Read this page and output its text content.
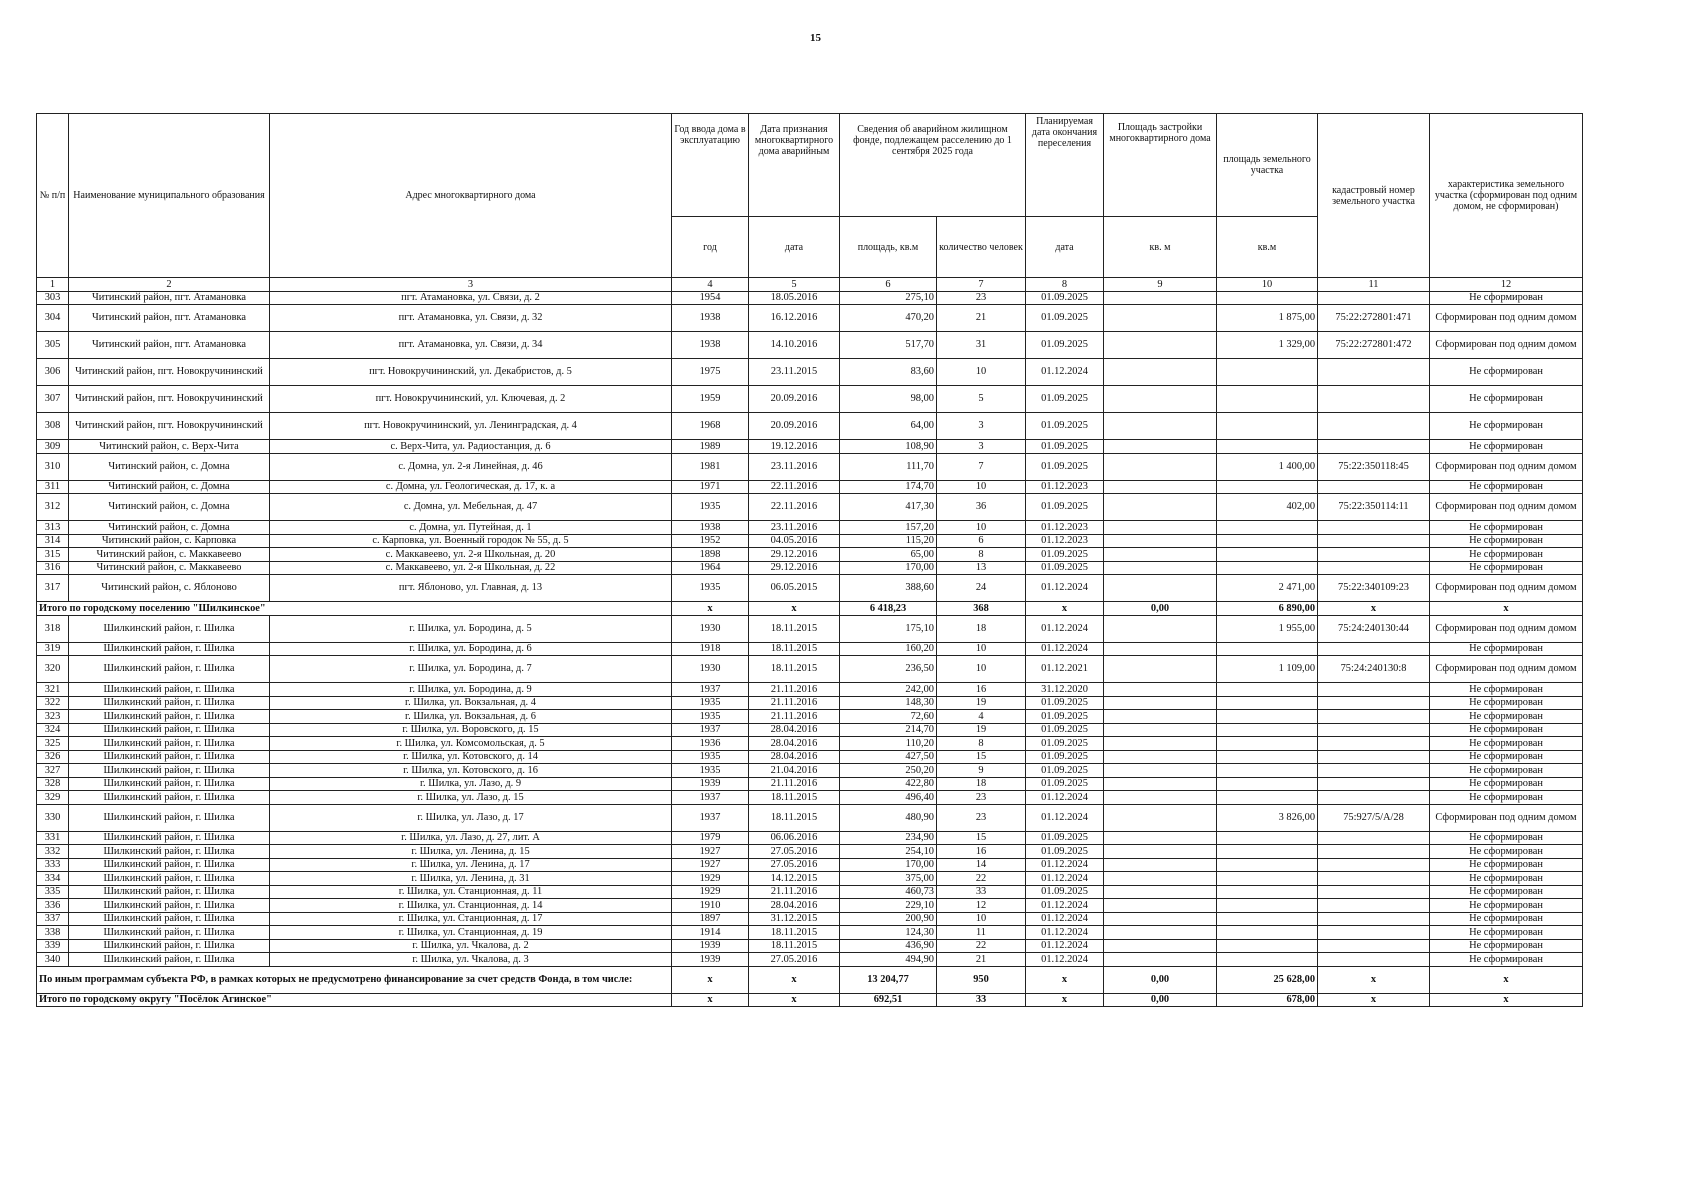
15
№ п/п	Наименование муниципального образования	Адрес многоквартирного дома	Год ввода дома в эксплуатацию	Дата признания многоквартирного дома аварийным	Сведения об аварийном жилищном фонде, подлежащем расселению до 1 сентября 2025 года		Планируемая дата окончания переселения	Площадь застройки многоквартирного дома	площадь земельного участка	кадастровый номер земельного участка	характеристика земельного участка (сформирован под одним домом, не сформирован)
			год	дата	площадь, кв.м	количество человек	дата	кв. м	кв.м		
1	2	3	4	5	6	7	8	9	10	11	12
303	Читинский район, пгт. Атамановка	пгт. Атамановка, ул. Связи, д. 2	1954	18.05.2016	275,10	23	01.09.2025				Не сформирован
304	Читинский район, пгт. Атамановка	пгт. Атамановка, ул. Связи, д. 32	1938	16.12.2016	470,20	21	01.09.2025		1 875,00	75:22:272801:471	Сформирован под одним домом
305	Читинский район, пгт. Атамановка	пгт. Атамановка, ул. Связи, д. 34	1938	14.10.2016	517,70	31	01.09.2025		1 329,00	75:22:272801:472	Сформирован под одним домом
306	Читинский район, пгт. Новокручининский	пгт. Новокручининский, ул. Декабристов, д. 5	1975	23.11.2015	83,60	10	01.12.2024				Не сформирован
307	Читинский район, пгт. Новокручининский	пгт. Новокручининский, ул. Ключевая, д. 2	1959	20.09.2016	98,00	5	01.09.2025				Не сформирован
308	Читинский район, пгт. Новокручининский	пгт. Новокручининский, ул. Ленинградская, д. 4	1968	20.09.2016	64,00	3	01.09.2025				Не сформирован
309	Читинский район, с. Верх-Чита	с. Верх-Чита, ул. Радиостанция, д. 6	1989	19.12.2016	108,90	3	01.09.2025				Не сформирован
310	Читинский район, с. Домна	с. Домна, ул. 2-я Линейная, д. 46	1981	23.11.2016	111,70	7	01.09.2025		1 400,00	75:22:350118:45	Сформирован под одним домом
311	Читинский район, с. Домна	с. Домна, ул. Геологическая, д. 17, к. а	1971	22.11.2016	174,70	10	01.12.2023				Не сформирован
312	Читинский район, с. Домна	с. Домна, ул. Мебельная, д. 47	1935	22.11.2016	417,30	36	01.09.2025		402,00	75:22:350114:11	Сформирован под одним домом
313	Читинский район, с. Домна	с. Домна, ул. Путейная, д. 1	1938	23.11.2016	157,20	10	01.12.2023				Не сформирован
314	Читинский район, с. Карповка	с. Карповка, ул. Военный городок № 55, д. 5	1952	04.05.2016	115,20	6	01.12.2023				Не сформирован
315	Читинский район, с. Маккавеево	с. Маккавеево, ул. 2-я Школьная, д. 20	1898	29.12.2016	65,00	8	01.09.2025				Не сформирован
316	Читинский район, с. Маккавеево	с. Маккавеево, ул. 2-я Школьная, д. 22	1964	29.12.2016	170,00	13	01.09.2025				Не сформирован
317	Читинский район, с. Яблоново	пгт. Яблоново, ул. Главная, д. 13	1935	06.05.2015	388,60	24	01.12.2024		2 471,00	75:22:340109:23	Сформирован под одним домом
Итого по городскому поселению "Шилкинское"			х	х	6 418,23	368	х	0,00	6 890,00	х	х
318	Шилкинский район, г. Шилка	г. Шилка, ул. Бородина, д. 5	1930	18.11.2015	175,10	18	01.12.2024		1 955,00	75:24:240130:44	Сформирован под одним домом
319	Шилкинский район, г. Шилка	г. Шилка, ул. Бородина, д. 6	1918	18.11.2015	160,20	10	01.12.2024				Не сформирован
320	Шилкинский район, г. Шилка	г. Шилка, ул. Бородина, д. 7	1930	18.11.2015	236,50	10	01.12.2021		1 109,00	75:24:240130:8	Сформирован под одним домом
321	Шилкинский район, г. Шилка	г. Шилка, ул. Бородина, д. 9	1937	21.11.2016	242,00	16	31.12.2020				Не сформирован
322	Шилкинский район, г. Шилка	г. Шилка, ул. Вокзальная, д. 4	1935	21.11.2016	148,30	19	01.09.2025				Не сформирован
323	Шилкинский район, г. Шилка	г. Шилка, ул. Вокзальная, д. 6	1935	21.11.2016	72,60	4	01.09.2025				Не сформирован
324	Шилкинский район, г. Шилка	г. Шилка, ул. Воровского, д. 15	1937	28.04.2016	214,70	19	01.09.2025				Не сформирован
325	Шилкинский район, г. Шилка	г. Шилка, ул. Комсомольская, д. 5	1936	28.04.2016	110,20	8	01.09.2025				Не сформирован
326	Шилкинский район, г. Шилка	г. Шилка, ул. Котовского, д. 14	1935	28.04.2016	427,50	15	01.09.2025				Не сформирован
327	Шилкинский район, г. Шилка	г. Шилка, ул. Котовского, д. 16	1935	21.04.2016	250,20	9	01.09.2025				Не сформирован
328	Шилкинский район, г. Шилка	г. Шилка, ул. Лазо, д. 9	1939	21.11.2016	422,80	18	01.09.2025				Не сформирован
329	Шилкинский район, г. Шилка	г. Шилка, ул. Лазо, д. 15	1937	18.11.2015	496,40	23	01.12.2024				Не сформирован
330	Шилкинский район, г. Шилка	г. Шилка, ул. Лазо, д. 17	1937	18.11.2015	480,90	23	01.12.2024		3 826,00	75:927/5/А/28	Сформирован под одним домом
331	Шилкинский район, г. Шилка	г. Шилка, ул. Лазо, д. 27, лит. А	1979	06.06.2016	234,90	15	01.09.2025				Не сформирован
332	Шилкинский район, г. Шилка	г. Шилка, ул. Ленина, д. 15	1927	27.05.2016	254,10	16	01.09.2025				Не сформирован
333	Шилкинский район, г. Шилка	г. Шилка, ул. Ленина, д. 17	1927	27.05.2016	170,00	14	01.12.2024				Не сформирован
334	Шилкинский район, г. Шилка	г. Шилка, ул. Ленина, д. 31	1929	14.12.2015	375,00	22	01.12.2024				Не сформирован
335	Шилкинский район, г. Шилка	г. Шилка, ул. Станционная, д. 11	1929	21.11.2016	460,73	33	01.09.2025				Не сформирован
336	Шилкинский район, г. Шилка	г. Шилка, ул. Станционная, д. 14	1910	28.04.2016	229,10	12	01.12.2024				Не сформирован
337	Шилкинский район, г. Шилка	г. Шилка, ул. Станционная, д. 17	1897	31.12.2015	200,90	10	01.12.2024				Не сформирован
338	Шилкинский район, г. Шилка	г. Шилка, ул. Станционная, д. 19	1914	18.11.2015	124,30	11	01.12.2024				Не сформирован
339	Шилкинский район, г. Шилка	г. Шилка, ул. Чкалова, д. 2	1939	18.11.2015	436,90	22	01.12.2024				Не сформирован
340	Шилкинский район, г. Шилка	г. Шилка, ул. Чкалова, д. 3	1939	27.05.2016	494,90	21	01.12.2024				Не сформирован
По иным программам субъекта РФ, в рамках которых не предусмотрено финансирование за счет средств Фонда, в том числе:			х	х	13 204,77	950	х	0,00	25 628,00	х	х
Итого по городскому округу "Посёлок Агинское"			х	х	692,51	33	х	0,00	678,00	х	х
